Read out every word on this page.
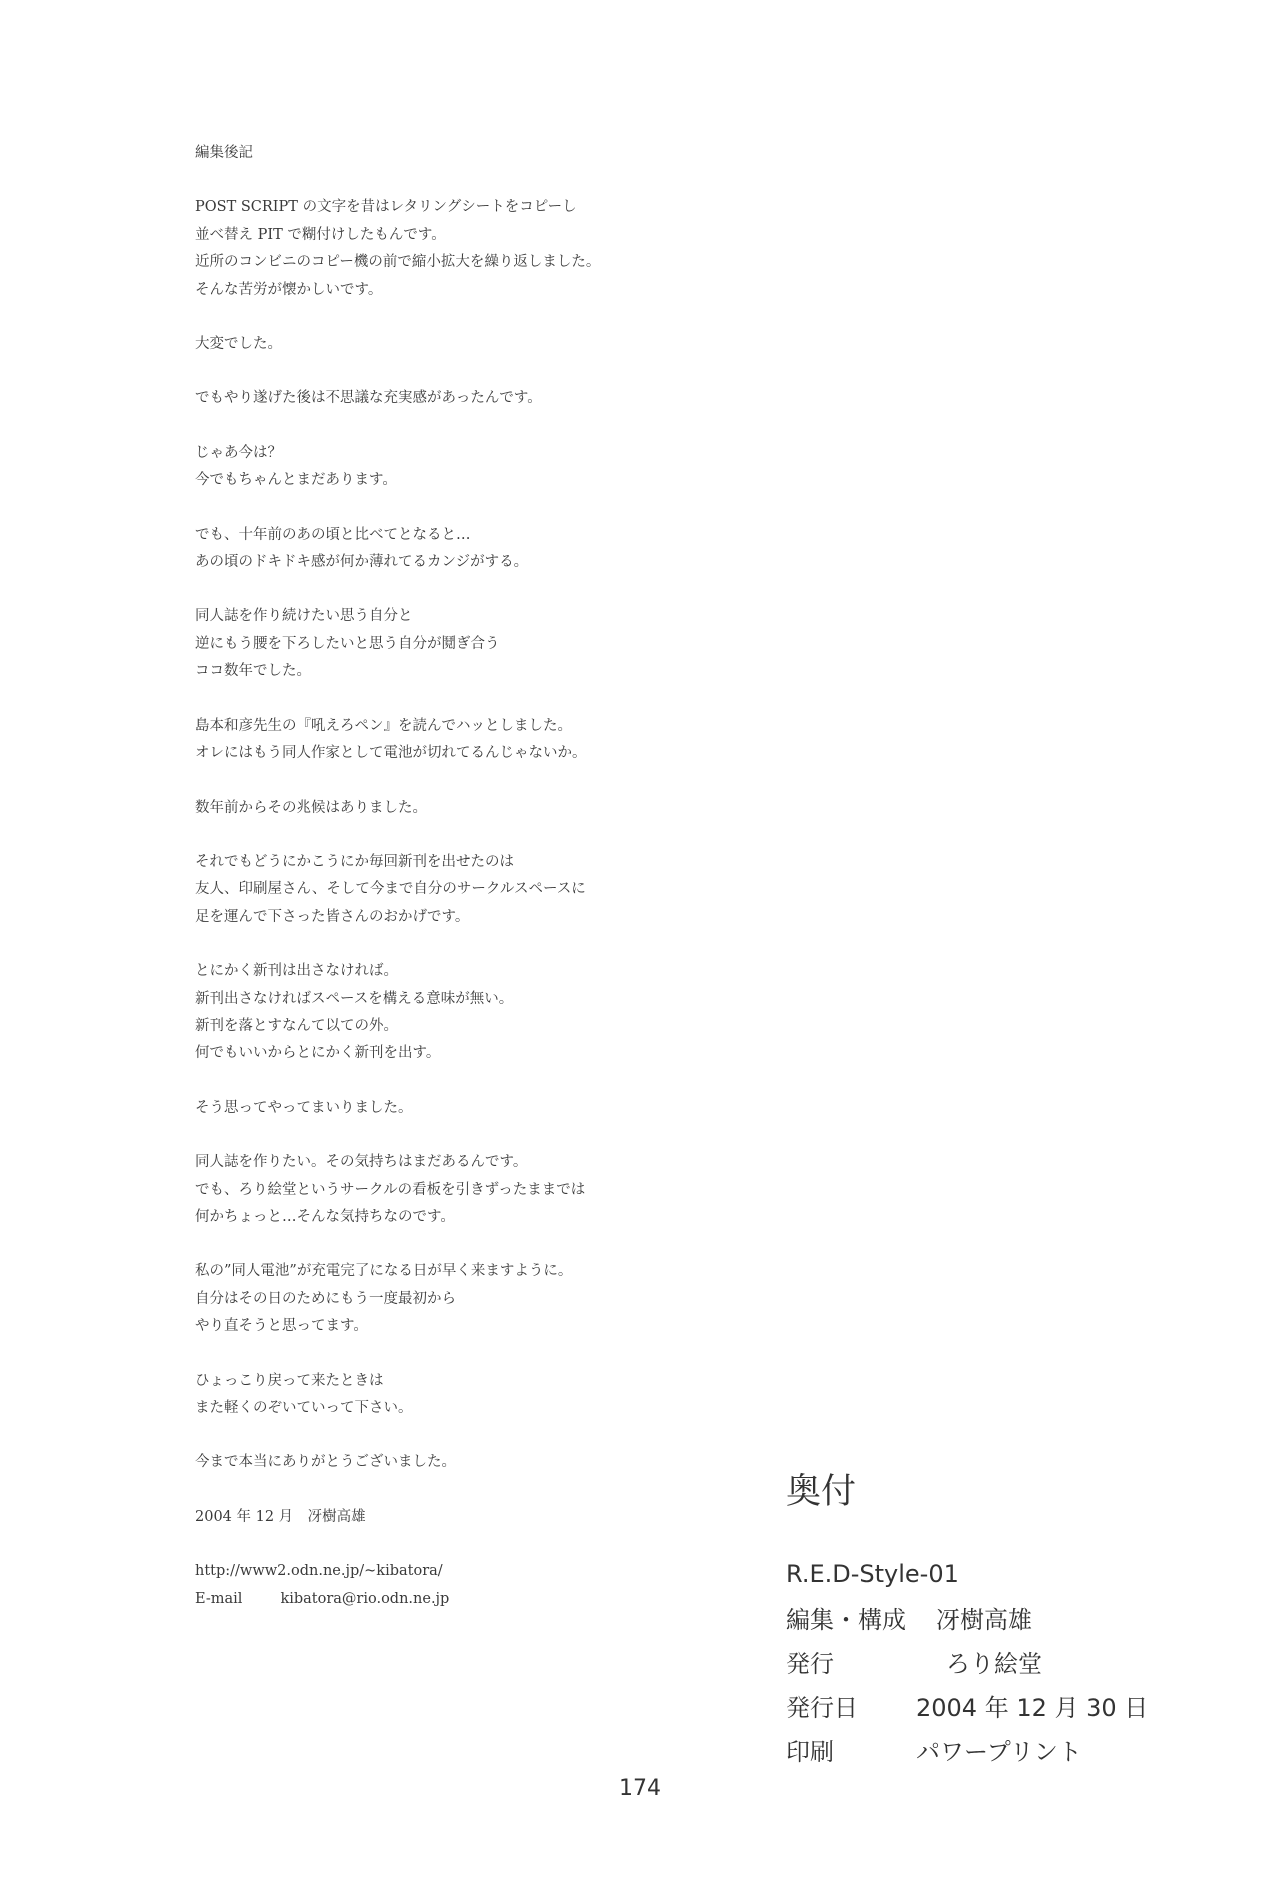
編集後記
POST SCRIPT の文字を昔はレタリングシートをコピーし
並べ替え PIT で糊付けしたもんです。
近所のコンビニのコピー機の前で縮小拡大を繰り返しました。
そんな苦労が懐かしいです。
大変でした。
でもやり遂げた後は不思議な充実感があったんです。
じゃあ今は？
今でもちゃんとまだあります。
でも、十年前のあの頃と比べてとなると…
あの頃のドキドキ感が何か薄れてるカンジがする。
同人誌を作り続けたい思う自分と
逆にもう腰を下ろしたいと思う自分が鬩ぎ合う
ココ数年でした。
島本和彦先生の『吼えろペン』を読んでハッとしました。
オレにはもう同人作家として電池が切れてるんじゃないか。
数年前からその兆候はありました。
それでもどうにかこうにか毎回新刊を出せたのは
友人、印刷屋さん、そして今まで自分のサークルスペースに
足を運んで下さった皆さんのおかげです。
とにかく新刊は出さなければ。
新刊出さなければスペースを構える意味が無い。
新刊を落とすなんて以ての外。
何でもいいからとにかく新刊を出す。
そう思ってやってまいりました。
同人誌を作りたい。その気持ちはまだあるんです。
でも、ろり絵堂というサークルの看板を引きずったままでは
何かちょっと…そんな気持ちなのです。
私の”同人電池”が充電完了になる日が早く来ますように。
自分はその日のためにもう一度最初から
やり直そうと思ってます。
ひょっこり戻って来たときは
また軽くのぞいていって下さい。
今まで本当にありがとうございました。
2004 年 12 月　冴樹高雄
http://www2.odn.ne.jp/~kibatora/
E-mail	kibatora@rio.odn.ne.jp
奥付
R.E.D-Style-01
編集・構成	冴樹高雄
発行	ろり絵堂
発行日	2004 年 12 月 30 日
印刷	パワープリント
174
